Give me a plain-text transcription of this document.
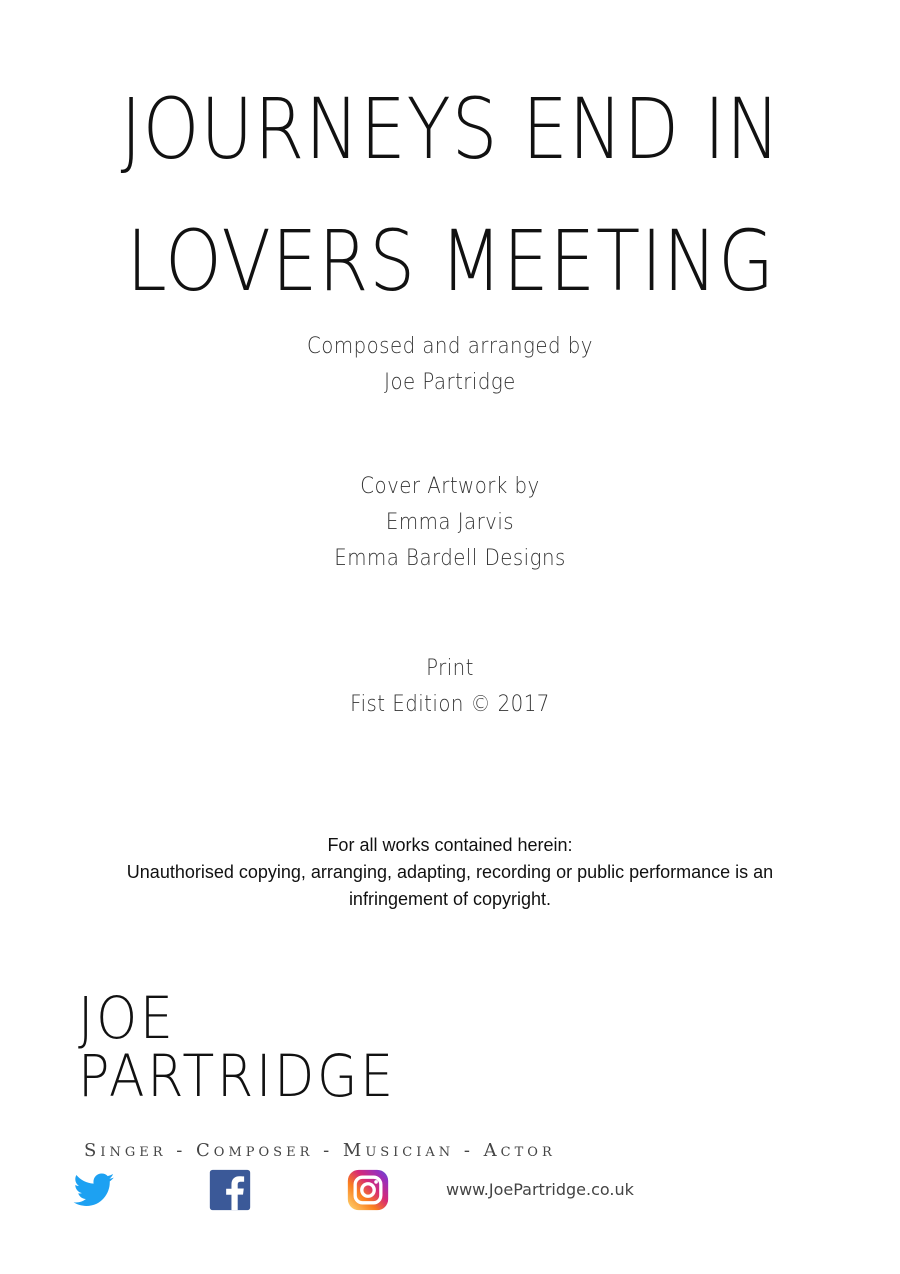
JOURNEYS END IN
LOVERS MEETING
Composed and arranged by
Joe Partridge
Cover Artwork by
Emma Jarvis
Emma Bardell Designs
Print
Fist Edition © 2017
For all works contained herein:
Unauthorised copying, arranging, adapting, recording or public performance is an
infringement of copyright.
JOE
PARTRIDGE
Singer - Composer - Musician - Actor
www.JoePartridge.co.uk
